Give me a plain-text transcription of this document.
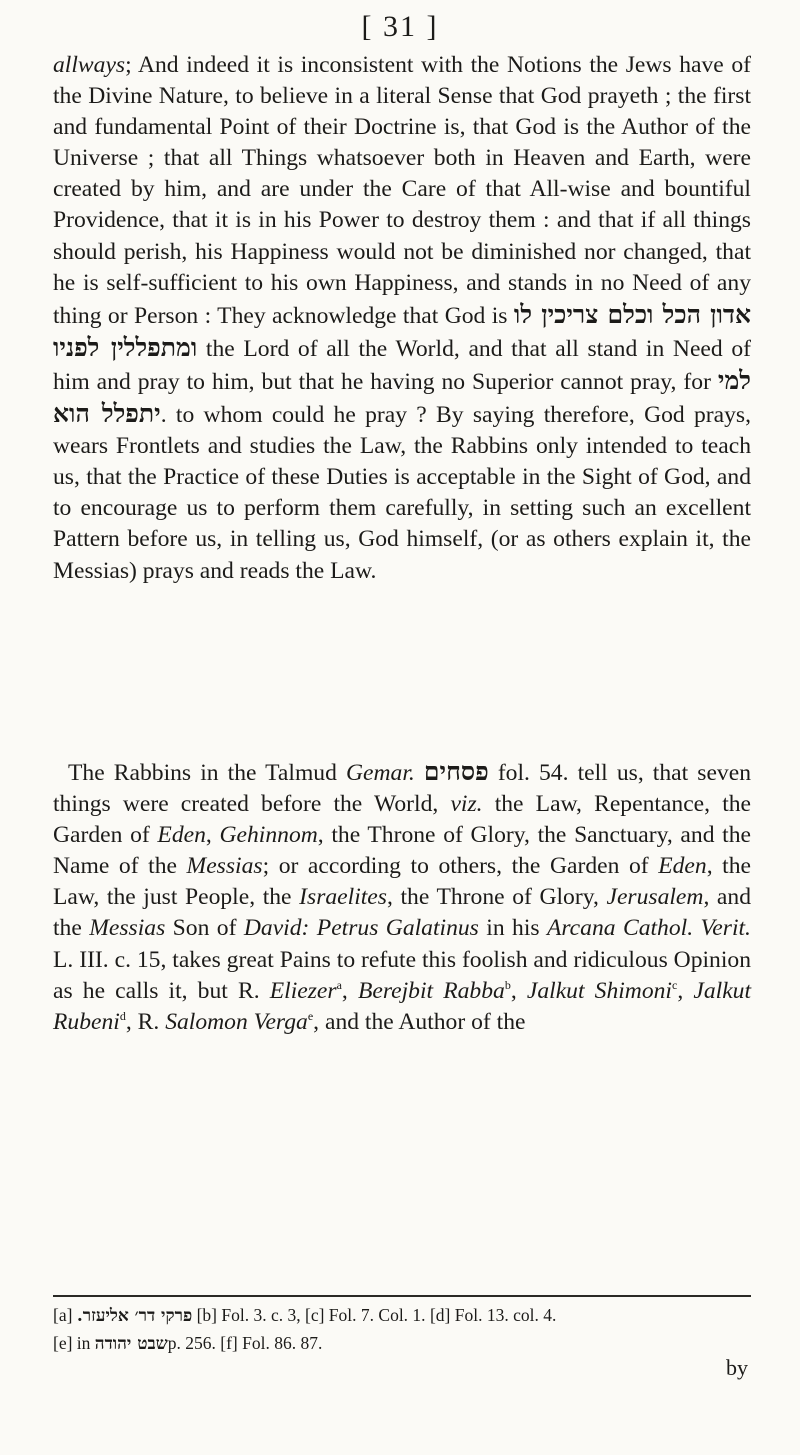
[ 31 ]

allways; And indeed it is inconsistent with the Notions the Jews have of the Divine Nature, to believe in a literal Sense that God prayeth ; the first and fundamental Point of their Doctrine is, that God is the Author of the Universe ; that all Things whatsoever both in Heaven and Earth, were created by him, and are under the Care of that All-wise and bountiful Providence, that it is in his Power to destroy them : and that if all things should perish, his Happiness would not be diminished nor changed, that he is self-sufficient to his own Happiness, and stands in no Need of any thing or Person : They acknowledge that God is אדון הכל וכלם צריכין לו ומתפללין לפניו the Lord of all the World, and that all stand in Need of him and pray to him, but that he having no Superior cannot pray, for למי יתפלל הוא. to whom could he pray ? By saying therefore, God prays, wears Frontlets and studies the Law, the Rabbins only intended to teach us, that the Practice of these Duties is acceptable in the Sight of God, and to encourage us to perform them carefully, in setting such an excellent Pattern before us, in telling us, God himself, (or as others explain it, the Messias) prays and reads the Law.

The Rabbins in the Talmud Gemar. פסחים fol. 54. tell us, that seven things were created before the World, viz. the Law, Repentance, the Garden of Eden, Gehinnom, the Throne of Glory, the Sanctuary, and the Name of the Messias; or according to others, the Garden of Eden, the Law, the just People, the Israelites, the Throne of Glory, Jerusalem, and the Messias Son of David: Petrus Galatinus in his Arcana Cathol. Verit. L. III. c. 15, takes great Pains to refute this foolish and ridiculous Opinion as he calls it, but R. Eliezer$^a$, Berejbit Rabba$^b$, Jalkut Shimoni$^c$, Jalkut Rubeni$^d$, R. Salomon Verga$^e$, and the Author of the

[a] פרקי דר׳ אליעזר. [b] Fol. 3. c. 3, [c] Fol. 7. Col. 1. [d] Fol. 13. col. 4.
[e] in שבט יהודהp. 256. [f] Fol. 86. 87.

by
